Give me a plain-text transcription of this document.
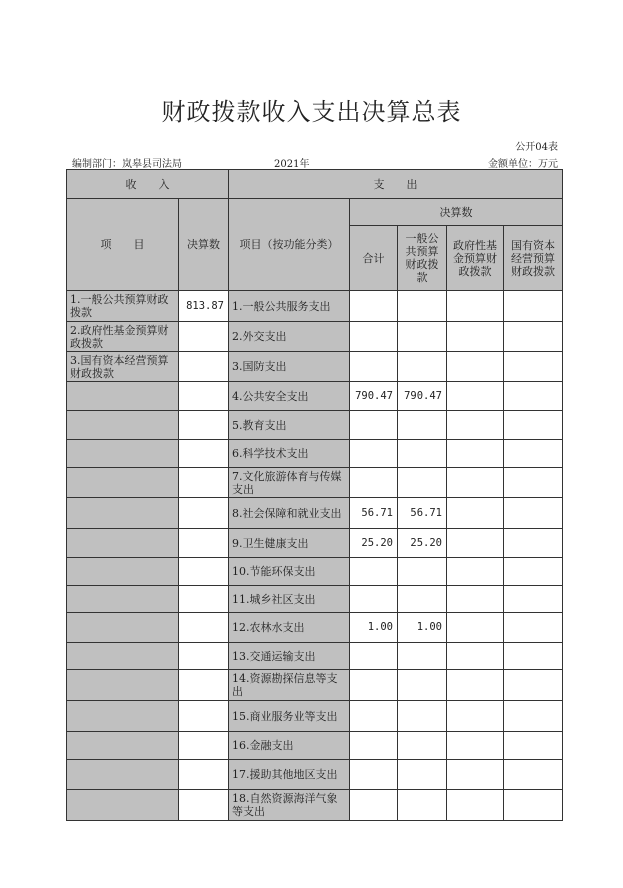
财政拨款收入支出决算总表
公开04表
编制部门：岚皋县司法局	2021年	金额单位：万元
收　　入		支　　出				
项　　目	决算数	项目（按功能分类）	决算数			
			合计	一般公共预算财政拨款	政府性基金预算财政拨款	国有资本经营预算财政拨款
1.一般公共预算财政拨款	813.87	1.一般公共服务支出				
2.政府性基金预算财政拨款		2.外交支出				
3.国有资本经营预算财政拨款		3.国防支出				
		4.公共安全支出	790.47	790.47		
		5.教育支出				
		6.科学技术支出				
		7.文化旅游体育与传媒支出				
		8.社会保障和就业支出	56.71	56.71		
		9.卫生健康支出	25.20	25.20		
		10.节能环保支出				
		11.城乡社区支出				
		12.农林水支出	1.00	1.00		
		13.交通运输支出				
		14.资源勘探信息等支出				
		15.商业服务业等支出				
		16.金融支出				
		17.援助其他地区支出				
		18.自然资源海洋气象等支出				
